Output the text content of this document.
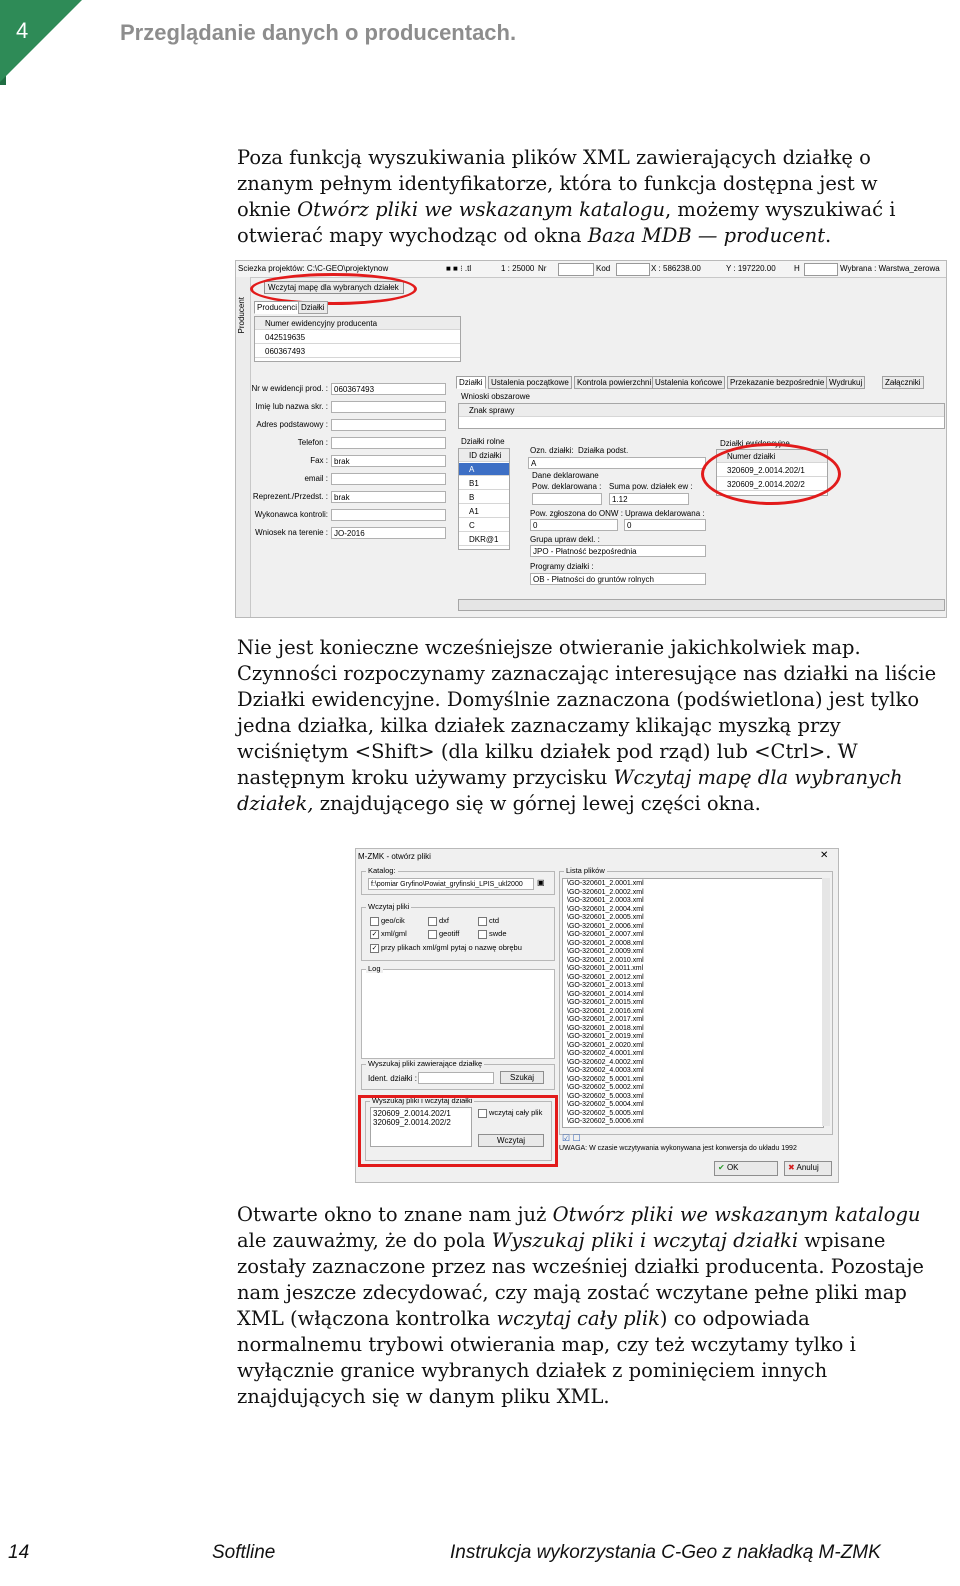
4	Przeglądanie danych o producentach.

Poza funkcją wyszukiwania plików XML zawierających działkę o znanym pełnym identyfikatorze, która to funkcja dostępna jest w oknie Otwórz pliki we wskazanym katalogu, możemy wyszukiwać i otwierać mapy wychodząc od okna Baza MDB — producent.

Sciezka projektów: C:\C-GEO\projektynow	■ ■ ⁝ .tl	1 : 25000 Nr	Kod	X : 586238.00	Y : 197220.00 H	Wybrana : Warstwa_zerowa
Producent
Wczytaj mapę dla wybranych działek
Producenci Działki
Numer ewidencyjny producenta
042519635
060367493
Nr w ewidencji prod. : 060367493
Imię lub nazwa skr. :
Adres podstawowy :
Telefon :
Fax : brak
email :
Reprezent./Przedst. : brak
Wykonawca kontroli:
Wniosek na terenie : JO-2016
Działki	Ustalenia początkowe	Kontrola powierzchni Ustalenia końcowe Przekazanie bezpośrednie Wydrukuj	Załączniki
Wnioski obszarowe
Znak sprawy
Działki rolne
ID działki
A
B1
B
A1
C
DKR@1
Ozn. działki: Działka podst.
A
Dane deklarowane
Pow. deklarowana : Suma pow. działek ew :
1.12
Pow. zgłoszona do ONW : Uprawa deklarowana :
0	0
Grupa upraw dekl. :
JPO - Płatność bezpośrednia
Programy działki :
OB - Płatności do gruntów rolnych
Działki ewidencyjne
Numer działki
320609_2.0014.202/1
320609_2.0014.202/2

Nie jest konieczne wcześniejsze otwieranie jakichkolwiek map. Czynności rozpoczynamy zaznaczając interesujące nas działki na liście Działki ewidencyjne. Domyślnie zaznaczona (podświetlona) jest tylko jedna działka, kilka działek zaznaczamy klikając myszką przy wciśniętym <Shift> (dla kilku działek pod rząd) lub <Ctrl>. W następnym kroku używamy przycisku Wczytaj mapę dla wybranych działek, znajdującego się w górnej lewej części okna.

M-ZMK - otwórz pliki	✕
Katalog:
f:\pomiar Gryfino\Powiat_gryfinski_LPIS_ukl2000	▣
Wczytaj pliki
geo/cik	dxf	ctd
✓ xml/gml	geotiff	swde
✓ przy plikach xml/gml pytaj o nazwę obrębu
Log
Wyszukaj pliki zawierające działkę
Ident. działki :	Szukaj
Wyszukaj pliki i wczytaj działki
320609_2.0014.202/1
320609_2.0014.202/2
wczytaj cały plik
Wczytaj
Lista plików
\GO-320601_2.0001.xml
\GO-320601_2.0002.xml
\GO-320601_2.0003.xml
\GO-320601_2.0004.xml
\GO-320601_2.0005.xml
\GO-320601_2.0006.xml
\GO-320601_2.0007.xml
\GO-320601_2.0008.xml
\GO-320601_2.0009.xml
\GO-320601_2.0010.xml
\GO-320601_2.0011.xml
\GO-320601_2.0012.xml
\GO-320601_2.0013.xml
\GO-320601_2.0014.xml
\GO-320601_2.0015.xml
\GO-320601_2.0016.xml
\GO-320601_2.0017.xml
\GO-320601_2.0018.xml
\GO-320601_2.0019.xml
\GO-320601_2.0020.xml
\GO-320602_4.0001.xml
\GO-320602_4.0002.xml
\GO-320602_4.0003.xml
\GO-320602_5.0001.xml
\GO-320602_5.0002.xml
\GO-320602_5.0003.xml
\GO-320602_5.0004.xml
\GO-320602_5.0005.xml
\GO-320602_5.0006.xml
☑ ☐
UWAGA: W czasie wczytywania wykonywana jest konwersja do układu 1992
✔ OK	✖ Anuluj

Otwarte okno to znane nam już Otwórz pliki we wskazanym katalogu ale zauważmy, że do pola Wyszukaj pliki i wczytaj działki wpisane zostały zaznaczone przez nas wcześniej działki producenta. Pozostaje nam jeszcze zdecydować, czy mają zostać wczytane pełne pliki map XML (włączona kontrolka wczytaj cały plik) co odpowiada normalnemu trybowi otwierania map, czy też wczytamy tylko i wyłącznie granice wybranych działek z pominięciem innych znajdujących się w danym pliku XML.

14	Softline	Instrukcja wykorzystania C-Geo z nakładką M-ZMK
